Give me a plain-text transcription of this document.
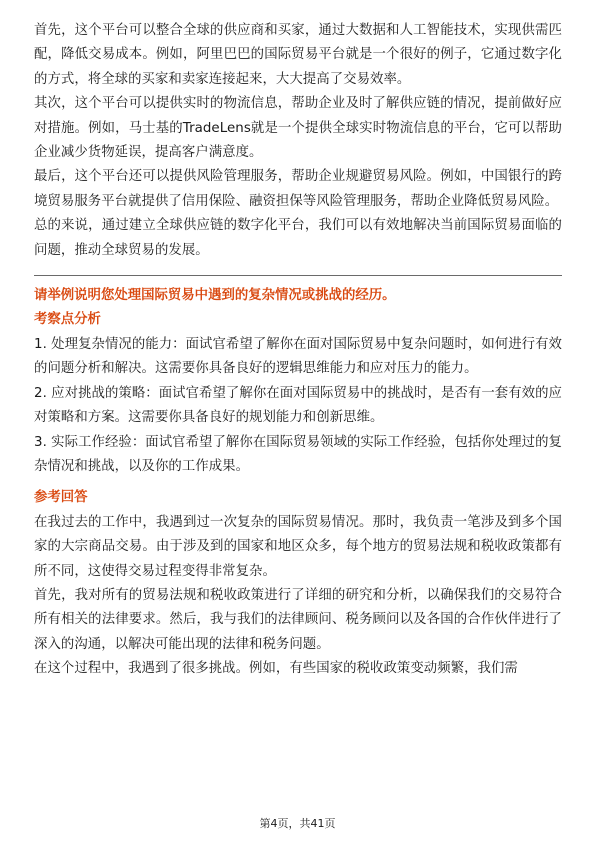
首先，这个平台可以整合全球的供应商和买家，通过大数据和人工智能技术，实现供需匹配，降低交易成本。例如，阿里巴巴的国际贸易平台就是一个很好的例子，它通过数字化的方式，将全球的买家和卖家连接起来，大大提高了交易效率。

其次，这个平台可以提供实时的物流信息，帮助企业及时了解供应链的情况，提前做好应对措施。例如，马士基的TradeLens就是一个提供全球实时物流信息的平台，它可以帮助企业减少货物延误，提高客户满意度。

最后，这个平台还可以提供风险管理服务，帮助企业规避贸易风险。例如，中国银行的跨境贸易服务平台就提供了信用保险、融资担保等风险管理服务，帮助企业降低贸易风险。

总的来说，通过建立全球供应链的数字化平台，我们可以有效地解决当前国际贸易面临的问题，推动全球贸易的发展。

请举例说明您处理国际贸易中遇到的复杂情况或挑战的经历。

考察点分析

1. 处理复杂情况的能力：面试官希望了解你在面对国际贸易中复杂问题时，如何进行有效的问题分析和解决。这需要你具备良好的逻辑思维能力和应对压力的能力。

2. 应对挑战的策略：面试官希望了解你在面对国际贸易中的挑战时，是否有一套有效的应对策略和方案。这需要你具备良好的规划能力和创新思维。

3. 实际工作经验：面试官希望了解你在国际贸易领域的实际工作经验，包括你处理过的复杂情况和挑战，以及你的工作成果。

参考回答

在我过去的工作中，我遇到过一次复杂的国际贸易情况。那时，我负责一笔涉及到多个国家的大宗商品交易。由于涉及到的国家和地区众多，每个地方的贸易法规和税收政策都有所不同，这使得交易过程变得非常复杂。

首先，我对所有的贸易法规和税收政策进行了详细的研究和分析，以确保我们的交易符合所有相关的法律要求。然后，我与我们的法律顾问、税务顾问以及各国的合作伙伴进行了深入的沟通，以解决可能出现的法律和税务问题。

在这个过程中，我遇到了很多挑战。例如，有些国家的税收政策变动频繁，我们需

第4页，共41页
